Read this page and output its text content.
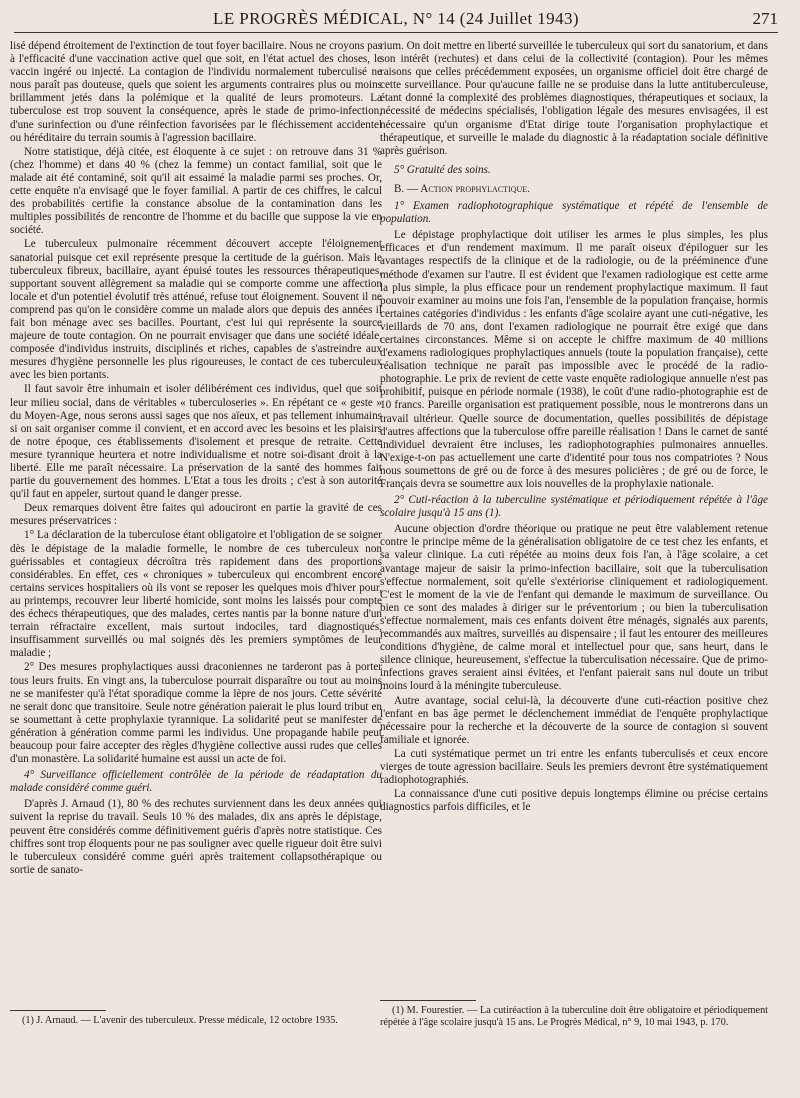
LE PROGRÈS MÉDICAL, N° 14 (24 Juillet 1943)	271

lisé dépend étroitement de l'extinction de tout foyer bacillaire. Nous ne croyons pas à l'efficacité d'une vaccination active quel que soit, en l'état actuel des choses, le vaccin ingéré ou injecté. La contagion de l'individu normalement tuberculisé ne nous paraît pas douteuse, quels que soient les arguments contraires plus ou moins brillamment jetés dans la polémique et la qualité de leurs promoteurs. La tuberculose est trop souvent la conséquence, après le stade de primo-infection, d'une surinfection ou d'une réinfection favorisées par le fléchissement accidentel ou héréditaire du terrain soumis à l'agression bacillaire.

Notre statistique, déjà citée, est éloquente à ce sujet : on retrouve dans 31 % (chez l'homme) et dans 40 % (chez la femme) un contact familial, soit que le malade ait été contaminé, soit qu'il ait essaimé la maladie parmi ses proches. Or, cette enquête n'a envisagé que le foyer familial. A partir de ces chiffres, le calcul des probabilités certifie la constance absolue de la contamination dans les multiples possibilités de rencontre de l'homme et du bacille que suppose la vie en société.

Le tuberculeux pulmonaire récemment découvert accepte l'éloignement sanatorial puisque cet exil représente presque la certitude de la guérison. Mais le tuberculeux fibreux, bacillaire, ayant épuisé toutes les ressources thérapeutiques, supportant souvent allègrement sa maladie qui se comporte comme une affection locale et d'un potentiel évolutif très atténué, refuse tout éloignement. Souvent il ne comprend pas qu'on le considère comme un malade alors que depuis des années il fait bon ménage avec ses bacilles. Pourtant, c'est lui qui représente la source majeure de toute contagion. On ne pourrait envisager que dans une société idéale, composée d'individus instruits, disciplinés et riches, capables de s'astreindre aux mesures d'hygiène personnelle les plus rigoureuses, le contact de ces tuberculeux avec les bien portants.

Il faut savoir être inhumain et isoler délibérément ces individus, quel que soit leur milieu social, dans de véritables « tuberculoseries ». En répétant ce « geste » du Moyen-Age, nous serons aussi sages que nos aïeux, et pas tellement inhumains si on sait organiser comme il convient, et en accord avec les besoins et les plaisirs de notre époque, ces établissements d'isolement et presque de retraite. Cette mesure tyrannique heurtera et notre individualisme et notre soi-disant droit à la liberté. Elle me paraît nécessaire. La préservation de la santé des hommes fait partie du gouvernement des hommes. L'Etat a tous les droits ; c'est à son autorité qu'il faut en appeler, surtout quand le danger presse.

Deux remarques doivent être faites qui adouciront en partie la gravité de ces mesures préservatrices :

1° La déclaration de la tuberculose étant obligatoire et l'obligation de se soigner dès le dépistage de la maladie formelle, le nombre de ces tuberculeux non guérissables et contagieux décroîtra très rapidement dans des proportions considérables. En effet, ces « chroniques » tuberculeux qui encombrent encore certains services hospitaliers où ils vont se reposer les quelques mois d'hiver pour, au printemps, recouvrer leur liberté homicide, sont moins les laissés pour compte des échecs thérapeutiques, que des malades, certes nantis par la bonne nature d'un terrain réfractaire excellent, mais surtout indociles, tard diagnostiqués, insuffisamment surveillés ou mal soignés dès les premiers symptômes de leur maladie ;

2° Des mesures prophylactiques aussi draconiennes ne tarderont pas à porter tous leurs fruits. En vingt ans, la tuberculose pourrait disparaître ou tout au moins ne se manifester qu'à l'état sporadique comme la lèpre de nos jours. Cette sévérité ne serait donc que transitoire. Seule notre génération paierait le plus lourd tribut en se soumettant à cette prophylaxie tyrannique. La solidarité peut se manifester de génération à génération comme parmi les individus. Une propagande habile peut beaucoup pour faire accepter des règles d'hygiène collective aussi rudes que celles d'un monastère. La solidarité humaine est aussi un acte de foi.

4° Surveillance officiellement contrôlée de la période de réadaptation du malade considéré comme guéri.

D'après J. Arnaud (1), 80 % des rechutes surviennent dans les deux années qui suivent la reprise du travail. Seuls 10 % des malades, dix ans après le dépistage, peuvent être considérés comme définitivement guéris d'après notre statistique. Ces chiffres sont trop éloquents pour ne pas souligner avec quelle rigueur doit être suivi le tuberculeux considéré comme guéri après traitement collapsothérapique ou sortie de sanato-

(1) J. Arnaud. — L'avenir des tuberculeux. Presse médicale, 12 octobre 1935.

rium. On doit mettre en liberté surveillée le tuberculeux qui sort du sanatorium, et dans son intérêt (rechutes) et dans celui de la collectivité (contagion). Pour les mêmes raisons que celles précédemment exposées, un organisme officiel doit être chargé de cette surveillance. Pour qu'aucune faille ne se produise dans la lutte antituberculeuse, étant donné la complexité des problèmes diagnostiques, thérapeutiques et sociaux, la nécessité de médecins spécialisés, l'obligation légale des mesures envisagées, il est nécessaire qu'un organisme d'Etat dirige toute l'organisation prophylactique et thérapeutique, et surveille le malade du diagnostic à la réadaptation sociale définitive après guérison.

5° Gratuité des soins.

B. — Action prophylactique.

1° Examen radiophotographique systématique et répété de l'ensemble de population.

Le dépistage prophylactique doit utiliser les armes le plus simples, les plus efficaces et d'un rendement maximum. Il me paraît oiseux d'épiloguer sur les avantages respectifs de la clinique et de la radiologie, ou de la prééminence d'une méthode d'examen sur l'autre. Il est évident que l'examen radiologique est cette arme la plus simple, la plus efficace pour un rendement prophylactique maximum. Il faut pouvoir examiner au moins une fois l'an, l'ensemble de la population française, hormis certaines catégories d'individus : les enfants d'âge scolaire ayant une cuti-négative, les vieillards de 70 ans, dont l'examen radiologique ne pourrait être exigé que dans certaines circonstances. Même si on accepte le chiffre maximum de 40 millions d'examens radiologiques prophylactiques annuels (toute la population française), cette réalisation technique ne paraît pas impossible avec le procédé de la radio-photographie. Le prix de revient de cette vaste enquête radiologique annuelle n'est pas prohibitif, puisque en période normale (1938), le coût d'une radio-photographie est de 10 francs. Pareille organisation est pratiquement possible, nous le montrerons dans un travail ultérieur. Quelle source de documentation, quelles possibilités de dépistage d'autres affections que la tuberculose offre pareille réalisation ! Dans le carnet de santé individuel devraient être incluses, les radiophotographies pulmonaires annuelles. N'exige-t-on pas actuellement une carte d'identité pour tous nos compatriotes ? Nous nous soumettons de gré ou de force à des mesures policières ; de gré ou de force, le Français devra se soumettre aux lois nouvelles de la prophylaxie nationale.

2° Cuti-réaction à la tuberculine systématique et périodiquement répétée à l'âge scolaire jusqu'à 15 ans (1).

Aucune objection d'ordre théorique ou pratique ne peut être valablement retenue contre le principe même de la généralisation obligatoire de ce test chez les enfants, et sa valeur clinique. La cuti répétée au moins deux fois l'an, à l'âge scolaire, a cet avantage majeur de saisir la primo-infection bacillaire, soit que la tuberculisation s'effectue normalement, soit qu'elle s'extériorise cliniquement et radiologiquement. C'est le moment de la vie de l'enfant qui demande le maximum de surveillance. Ou bien ce sont des malades à diriger sur le préventorium ; ou bien la tuberculisation s'effectue normalement, mais ces enfants doivent être ménagés, signalés aux parents, recommandés aux maîtres, surveillés au dispensaire ; il faut les entourer des meilleures conditions d'hygiène, de calme moral et intellectuel pour que, sans heurt, dans le silence clinique, heureusement, s'effectue la tuberculisation nécessaire. Que de primo-infections graves seraient ainsi évitées, et l'enfant paierait sans nul doute un tribut moins lourd à la méningite tuberculeuse.

Autre avantage, social celui-là, la découverte d'une cuti-réaction positive chez l'enfant en bas âge permet le déclenchement immédiat de l'enquête prophylactique nécessaire pour la recherche et la découverte de la source de contagion si souvent familiale et ignorée.

La cuti systématique permet un tri entre les enfants tuberculisés et ceux encore vierges de toute agression bacillaire. Seuls les premiers devront être systématiquement radiophotographiés.

La connaissance d'une cuti positive depuis longtemps élimine ou précise certains diagnostics parfois difficiles, et le

(1) M. Fourestier. — La cutiréaction à la tuberculine doit être obligatoire et périodiquement répétée à l'âge scolaire jusqu'à 15 ans. Le Progrès Médical, n° 9, 10 mai 1943, p. 170.
